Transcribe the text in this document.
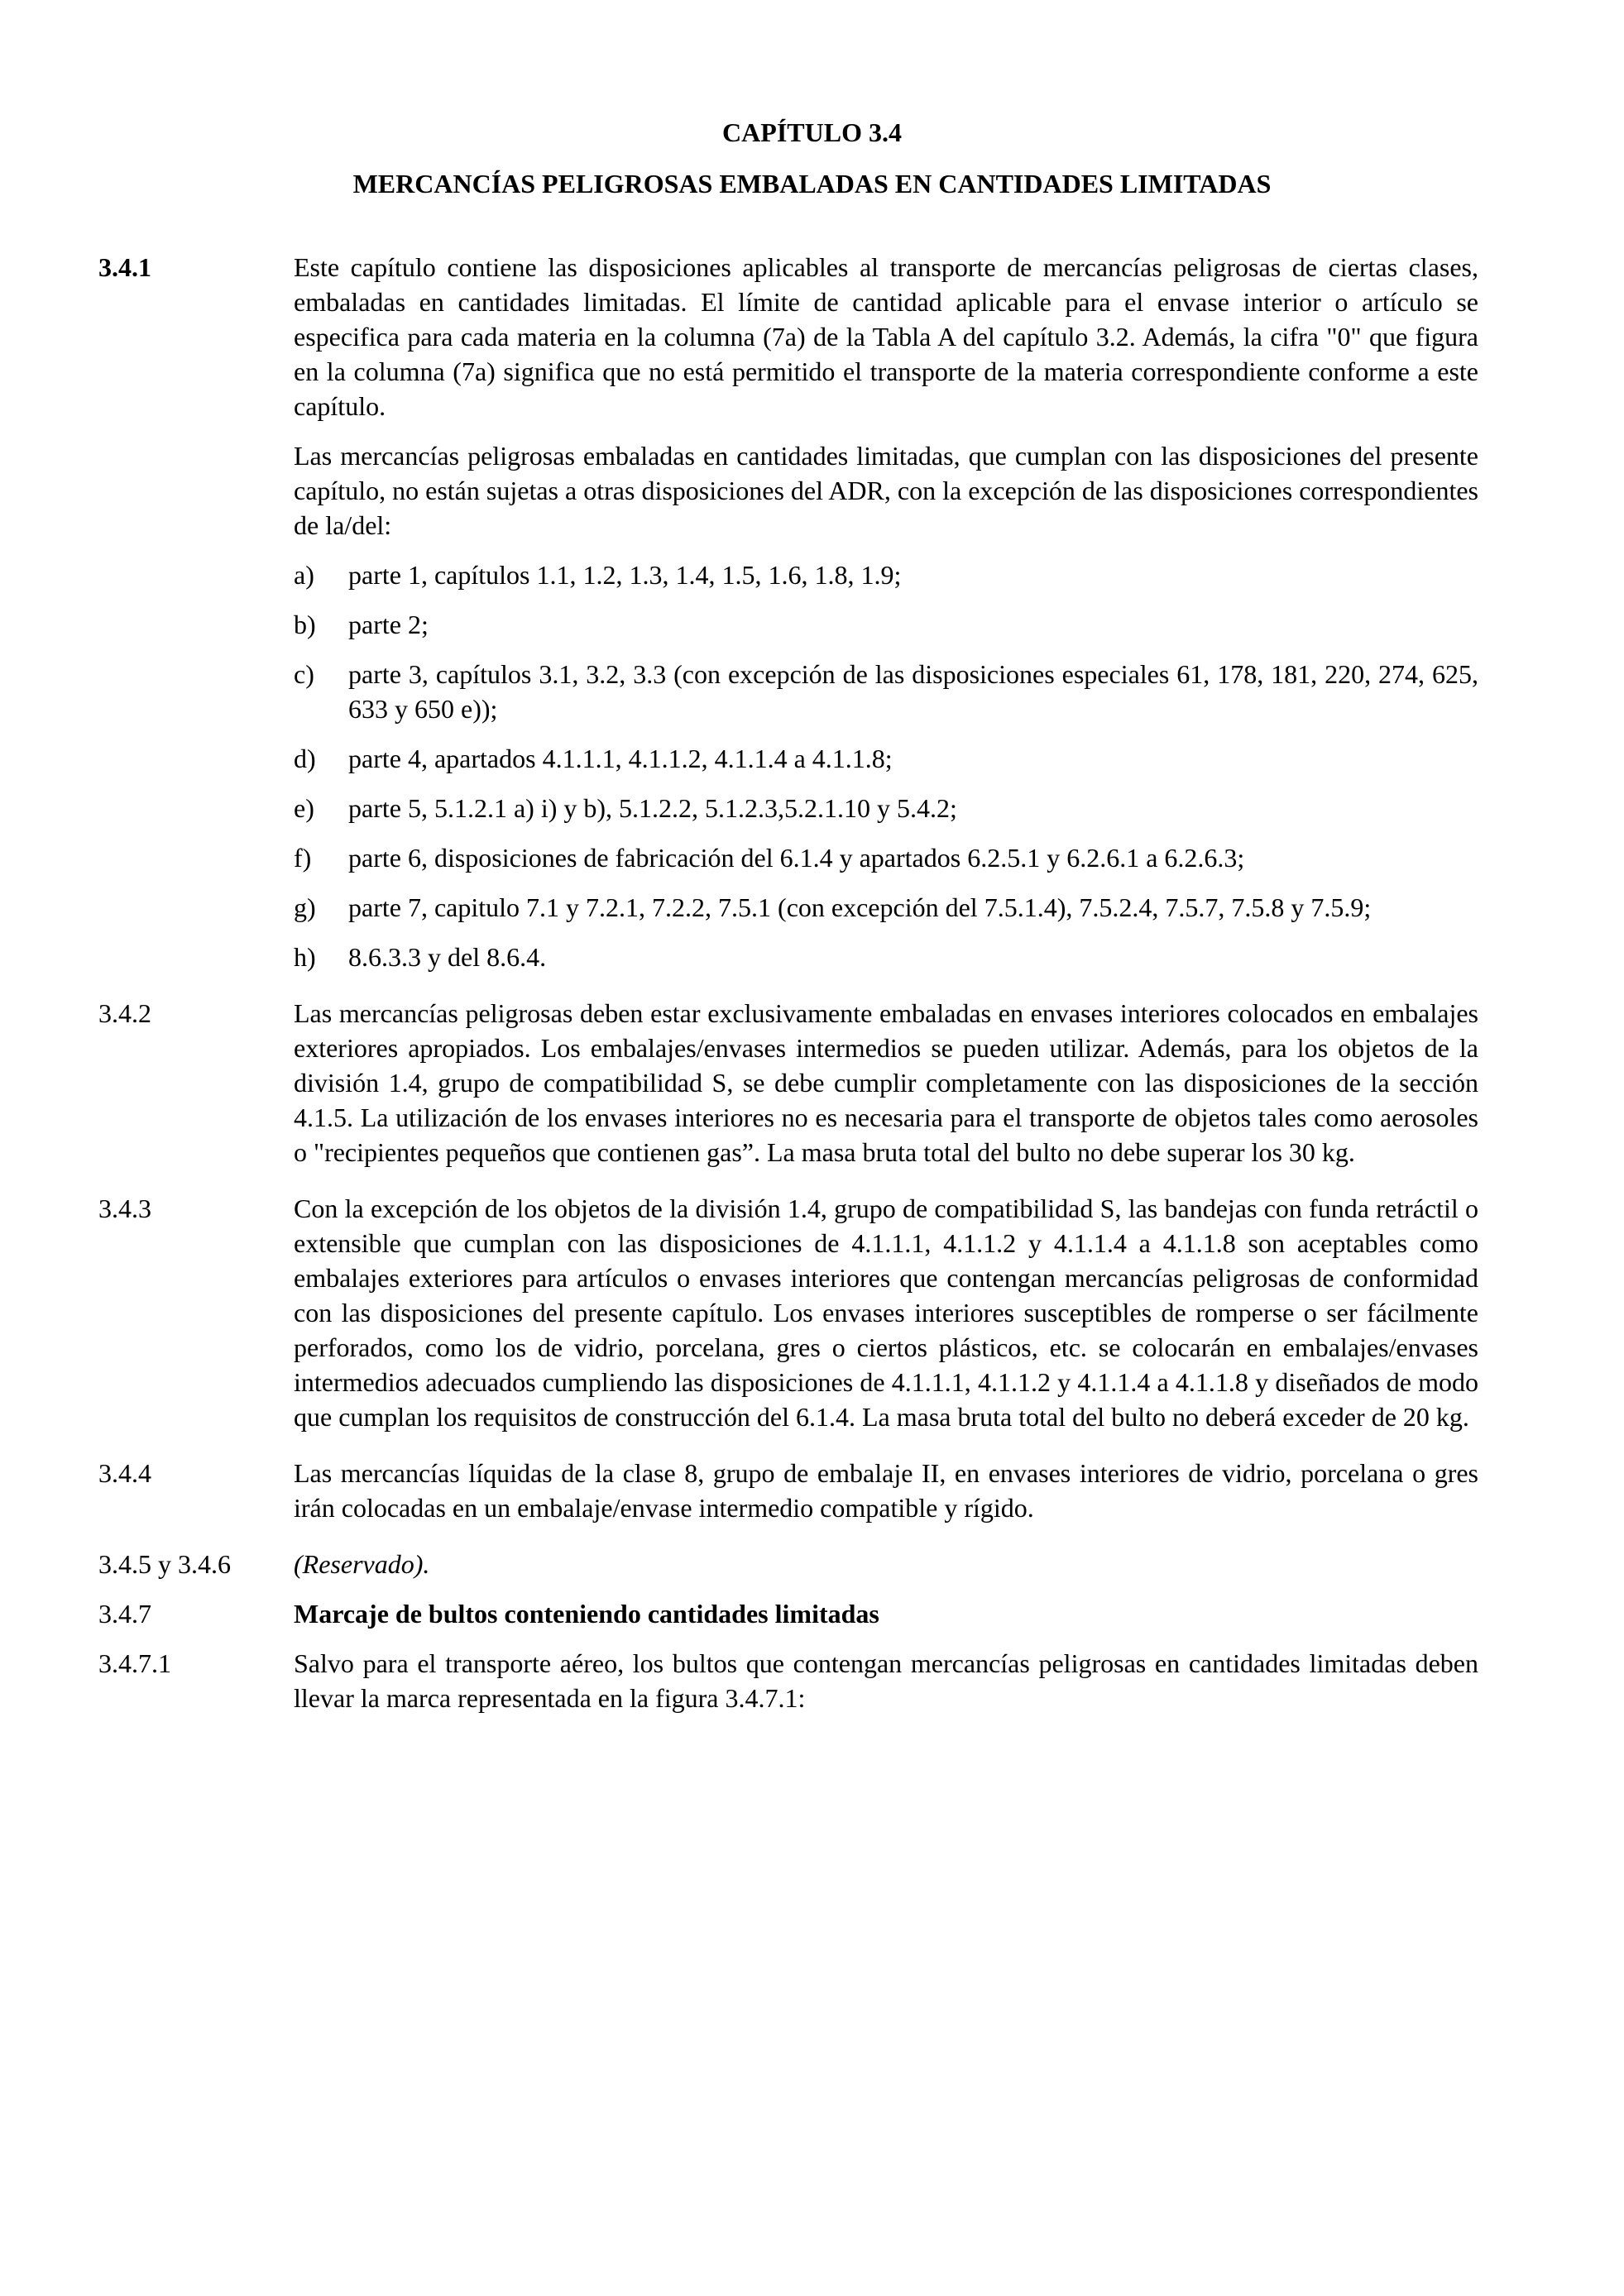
CAPÍTULO 3.4
MERCANCÍAS PELIGROSAS EMBALADAS EN CANTIDADES LIMITADAS
3.4.1	Este capítulo contiene las disposiciones aplicables al transporte de mercancías peligrosas de ciertas clases, embaladas en cantidades limitadas. El límite de cantidad aplicable para el envase interior o artículo se especifica para cada materia en la columna (7a) de la Tabla A del capítulo 3.2. Además, la cifra "0" que figura en la columna (7a) significa que no está permitido el transporte de la materia correspondiente conforme a este capítulo.

Las mercancías peligrosas embaladas en cantidades limitadas, que cumplan con las disposiciones del presente capítulo, no están sujetas a otras disposiciones del ADR, con la excepción de las disposiciones correspondientes de la/del:

a)	parte 1, capítulos 1.1, 1.2, 1.3, 1.4, 1.5, 1.6, 1.8, 1.9;
b)	parte 2;
c)	parte 3, capítulos 3.1, 3.2, 3.3 (con excepción de las disposiciones especiales 61, 178, 181, 220, 274, 625, 633 y 650 e));
d)	parte 4, apartados 4.1.1.1, 4.1.1.2, 4.1.1.4 a 4.1.1.8;
e)	parte 5, 5.1.2.1 a) i) y b), 5.1.2.2, 5.1.2.3,5.2.1.10 y 5.4.2;
f)	parte 6, disposiciones de fabricación del 6.1.4 y apartados 6.2.5.1 y 6.2.6.1 a 6.2.6.3;
g)	parte 7, capitulo 7.1 y 7.2.1, 7.2.2, 7.5.1 (con excepción del 7.5.1.4), 7.5.2.4, 7.5.7, 7.5.8 y 7.5.9;
h)	8.6.3.3 y del 8.6.4.
3.4.2	Las mercancías peligrosas deben estar exclusivamente embaladas en envases interiores colocados en embalajes exteriores apropiados. Los embalajes/envases intermedios se pueden utilizar. Además, para los objetos de la división 1.4, grupo de compatibilidad S, se debe cumplir completamente con las disposiciones de la sección 4.1.5. La utilización de los envases interiores no es necesaria para el transporte de objetos tales como aerosoles o "recipientes pequeños que contienen gas”. La masa bruta total del bulto no debe superar los 30 kg.
3.4.3	Con la excepción de los objetos de la división 1.4, grupo de compatibilidad S, las bandejas con funda retráctil o extensible que cumplan con las disposiciones de 4.1.1.1, 4.1.1.2 y 4.1.1.4 a 4.1.1.8 son aceptables como embalajes exteriores para artículos o envases interiores que contengan mercancías peligrosas de conformidad con las disposiciones del presente capítulo. Los envases interiores susceptibles de romperse o ser fácilmente perforados, como los de vidrio, porcelana, gres o ciertos plásticos, etc. se colocarán en embalajes/envases intermedios adecuados cumpliendo las disposiciones de 4.1.1.1, 4.1.1.2 y 4.1.1.4 a 4.1.1.8 y diseñados de modo que cumplan los requisitos de construcción del 6.1.4. La masa bruta total del bulto no deberá exceder de 20 kg.
3.4.4	Las mercancías líquidas de la clase 8, grupo de embalaje II, en envases interiores de vidrio, porcelana o gres irán colocadas en un embalaje/envase intermedio compatible y rígido.
3.4.5 y 3.4.6	(Reservado).
3.4.7	Marcaje de bultos conteniendo cantidades limitadas
3.4.7.1	Salvo para el transporte aéreo, los bultos que contengan mercancías peligrosas en cantidades limitadas deben llevar la marca representada en la figura 3.4.7.1:
